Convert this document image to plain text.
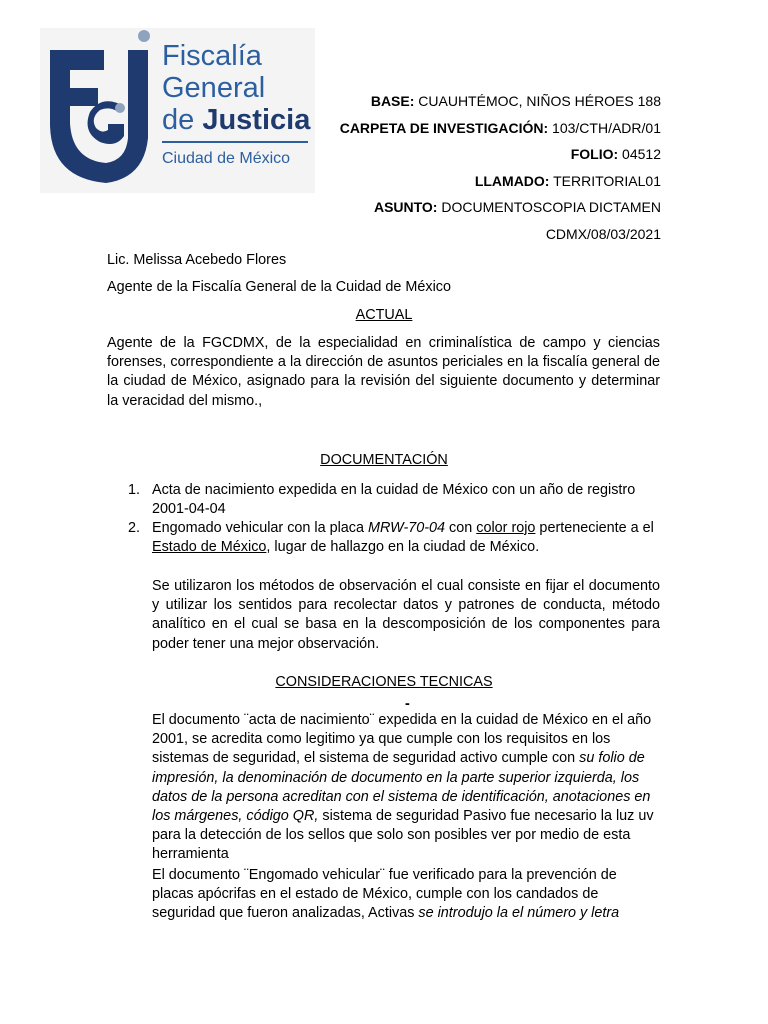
Fiscalía
General
de Justicia
Ciudad de México
BASE: CUAUHTÉMOC, NIÑOS HÉROES 188
CARPETA DE INVESTIGACIÓN: 103/CTH/ADR/01
FOLIO: 04512
LLAMADO: TERRITORIAL01
ASUNTO: DOCUMENTOSCOPIA DICTAMEN
CDMX/08/03/2021
Lic. Melissa Acebedo Flores
Agente de la Fiscalía General de la Cuidad de México
ACTUAL
Agente de la FGCDMX, de la especialidad en criminalística de campo y ciencias forenses, correspondiente a la dirección de asuntos periciales en la fiscalía general de la ciudad de México, asignado para la revisión del siguiente documento y determinar la veracidad del mismo.,
DOCUMENTACIÓN
1. Acta de nacimiento expedida en la cuidad de México con un año de registro 2001-04-04
2. Engomado vehicular con la placa MRW-70-04 con color rojo perteneciente a el Estado de México, lugar de hallazgo en la ciudad de México.
Se utilizaron los métodos de observación el cual consiste en fijar el documento y utilizar los sentidos para recolectar datos y patrones de conducta, método analítico en el cual se basa en la descomposición de los componentes para poder tener una mejor observación.
CONSIDERACIONES TECNICAS
-
El documento ¨acta de nacimiento¨ expedida en la cuidad de México en el año 2001, se acredita como legitimo ya que cumple con los requisitos en los sistemas de seguridad, el sistema de seguridad activo cumple con su folio de impresión, la denominación de documento en la parte superior izquierda, los datos de la persona acreditan con el sistema de identificación, anotaciones en los márgenes, código QR, sistema de seguridad Pasivo fue necesario la luz uv para la detección de los sellos que solo son posibles ver por medio de esta herramienta
El documento ¨Engomado vehicular¨ fue verificado para la prevención de placas apócrifas en el estado de México, cumple con los candados de seguridad que fueron analizadas, Activas se introdujo la el número y letra
